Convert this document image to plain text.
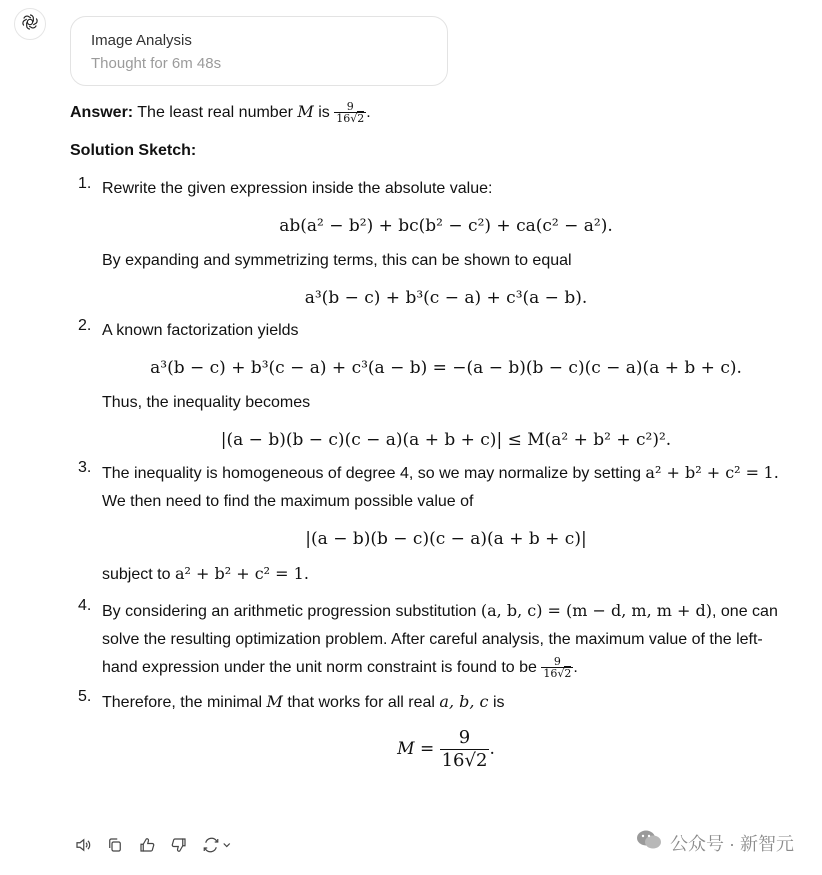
Image Analysis
Thought for 6m 48s
Answer: The least real number M is $\frac{9}{16√2}$ .
Solution Sketch:
1. Rewrite the given expression inside the absolute value:
ab(a² − b²) + bc(b² − c²) + ca(c² − a²).
By expanding and symmetrizing terms, this can be shown to equal
a³(b − c) + b³(c − a) + c³(a − b).
2. A known factorization yields
a³(b − c) + b³(c − a) + c³(a − b) = −(a − b)(b − c)(c − a)(a + b + c).
Thus, the inequality becomes
|(a − b)(b − c)(c − a)(a + b + c)| ≤ M(a² + b² + c²)².
3. The inequality is homogeneous of degree 4, so we may normalize by setting a² + b² + c² = 1. We then need to find the maximum possible value of
|(a − b)(b − c)(c − a)(a + b + c)|
subject to a² + b² + c² = 1.
4. By considering an arithmetic progression substitution (a, b, c) = (m − d, m, m + d), one can solve the resulting optimization problem. After careful analysis, the maximum value of the left-hand expression under the unit norm constraint is found to be $\frac{9}{16√2}$ .
5. Therefore, the minimal M that works for all real a, b, c is
$M = \frac{9}{16√2}$ .
公众号 · 新智元
